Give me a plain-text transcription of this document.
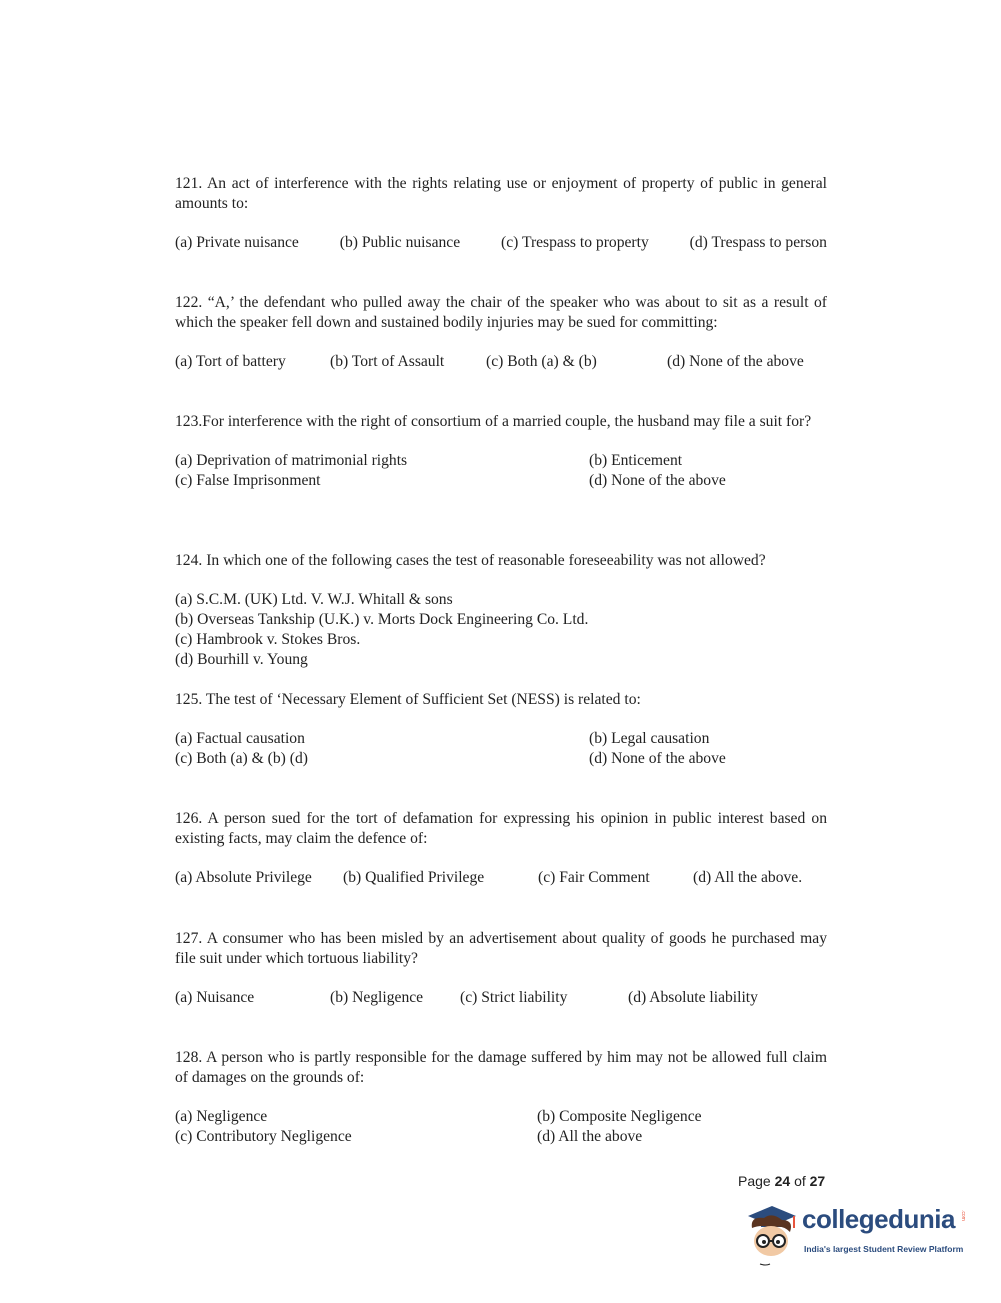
121. An act of interference with the rights relating use or enjoyment of property of public in general amounts to:

(a) Private nuisance	(b) Public nuisance	(c) Trespass to property	(d) Trespass to person

122. “A,’ the defendant who pulled away the chair of the speaker who was about to sit as a result of which the speaker fell down and sustained bodily injuries may be sued for committing:

(a) Tort of battery	(b) Tort of Assault	(c) Both (a) & (b)	(d) None of the above

123.For interference with the right of consortium of a married couple, the husband may file a suit for?

(a) Deprivation of matrimonial rights	(b) Enticement
(c) False Imprisonment	(d) None of the above

124. In which one of the following cases the test of reasonable foreseeability was not allowed?

(a) S.C.M. (UK) Ltd. V. W.J. Whitall & sons
(b) Overseas Tankship (U.K.) v. Morts Dock Engineering Co. Ltd.
(c) Hambrook v. Stokes Bros.
(d) Bourhill v. Young

125. The test of ‘Necessary Element of Sufficient Set (NESS) is related to:

(a) Factual causation	(b) Legal causation
(c) Both (a) & (b) (d)	(d) None of the above

126. A person sued for the tort of defamation for expressing his opinion in public interest based on existing facts, may claim the defence of:

(a) Absolute Privilege	(b) Qualified Privilege	(c) Fair Comment	(d) All the above.

127. A consumer who has been misled by an advertisement about quality of goods he purchased may file suit under which tortuous liability?

(a) Nuisance	(b) Negligence	(c) Strict liability	(d) Absolute liability

128. A person who is partly responsible for the damage suffered by him may not be allowed full claim of damages on the grounds of:

(a) Negligence	(b) Composite Negligence
(c) Contributory Negligence	(d) All the above
Page 24 of 27
collegedunia .com
India's largest Student Review Platform
